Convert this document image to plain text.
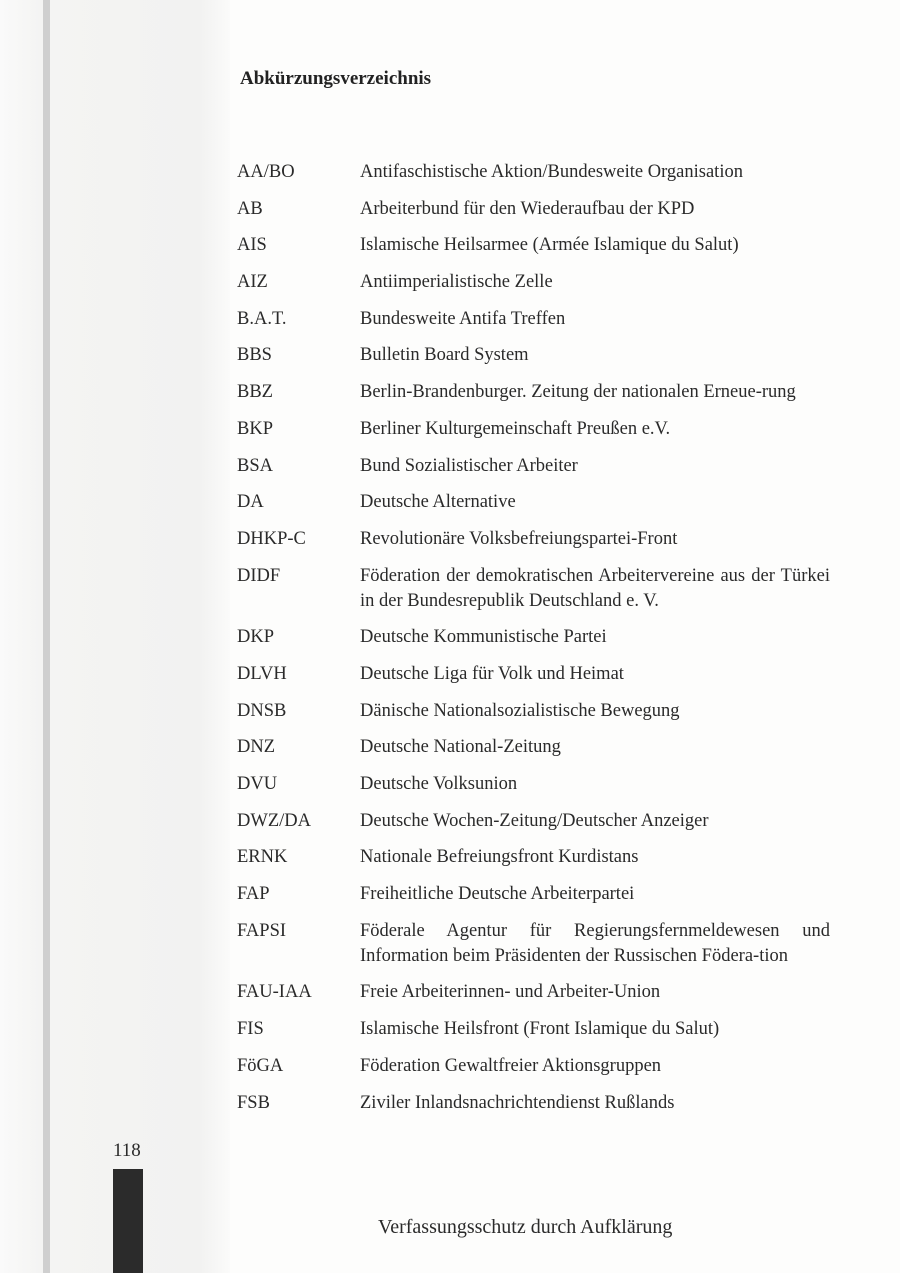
Abkürzungsverzeichnis
AA/BO	Antifaschistische Aktion/Bundesweite Organisation
AB	Arbeiterbund für den Wiederaufbau der KPD
AIS	Islamische Heilsarmee (Armée Islamique du Salut)
AIZ	Antiimperialistische Zelle
B.A.T.	Bundesweite Antifa Treffen
BBS	Bulletin Board System
BBZ	Berlin-Brandenburger. Zeitung der nationalen Erneue-rung
BKP	Berliner Kulturgemeinschaft Preußen e.V.
BSA	Bund Sozialistischer Arbeiter
DA	Deutsche Alternative
DHKP-C	Revolutionäre Volksbefreiungspartei-Front
DIDF	Föderation der demokratischen Arbeitervereine aus der Türkei in der Bundesrepublik Deutschland e. V.
DKP	Deutsche Kommunistische Partei
DLVH	Deutsche Liga für Volk und Heimat
DNSB	Dänische Nationalsozialistische Bewegung
DNZ	Deutsche National-Zeitung
DVU	Deutsche Volksunion
DWZ/DA	Deutsche Wochen-Zeitung/Deutscher Anzeiger
ERNK	Nationale Befreiungsfront Kurdistans
FAP	Freiheitliche Deutsche Arbeiterpartei
FAPSI	Föderale Agentur für Regierungsfernmeldewesen und Information beim Präsidenten der Russischen Födera-tion
FAU-IAA	Freie Arbeiterinnen- und Arbeiter-Union
FIS	Islamische Heilsfront (Front Islamique du Salut)
FöGA	Föderation Gewaltfreier Aktionsgruppen
FSB	Ziviler Inlandsnachrichtendienst Rußlands
118
Verfassungsschutz durch Aufklärung
